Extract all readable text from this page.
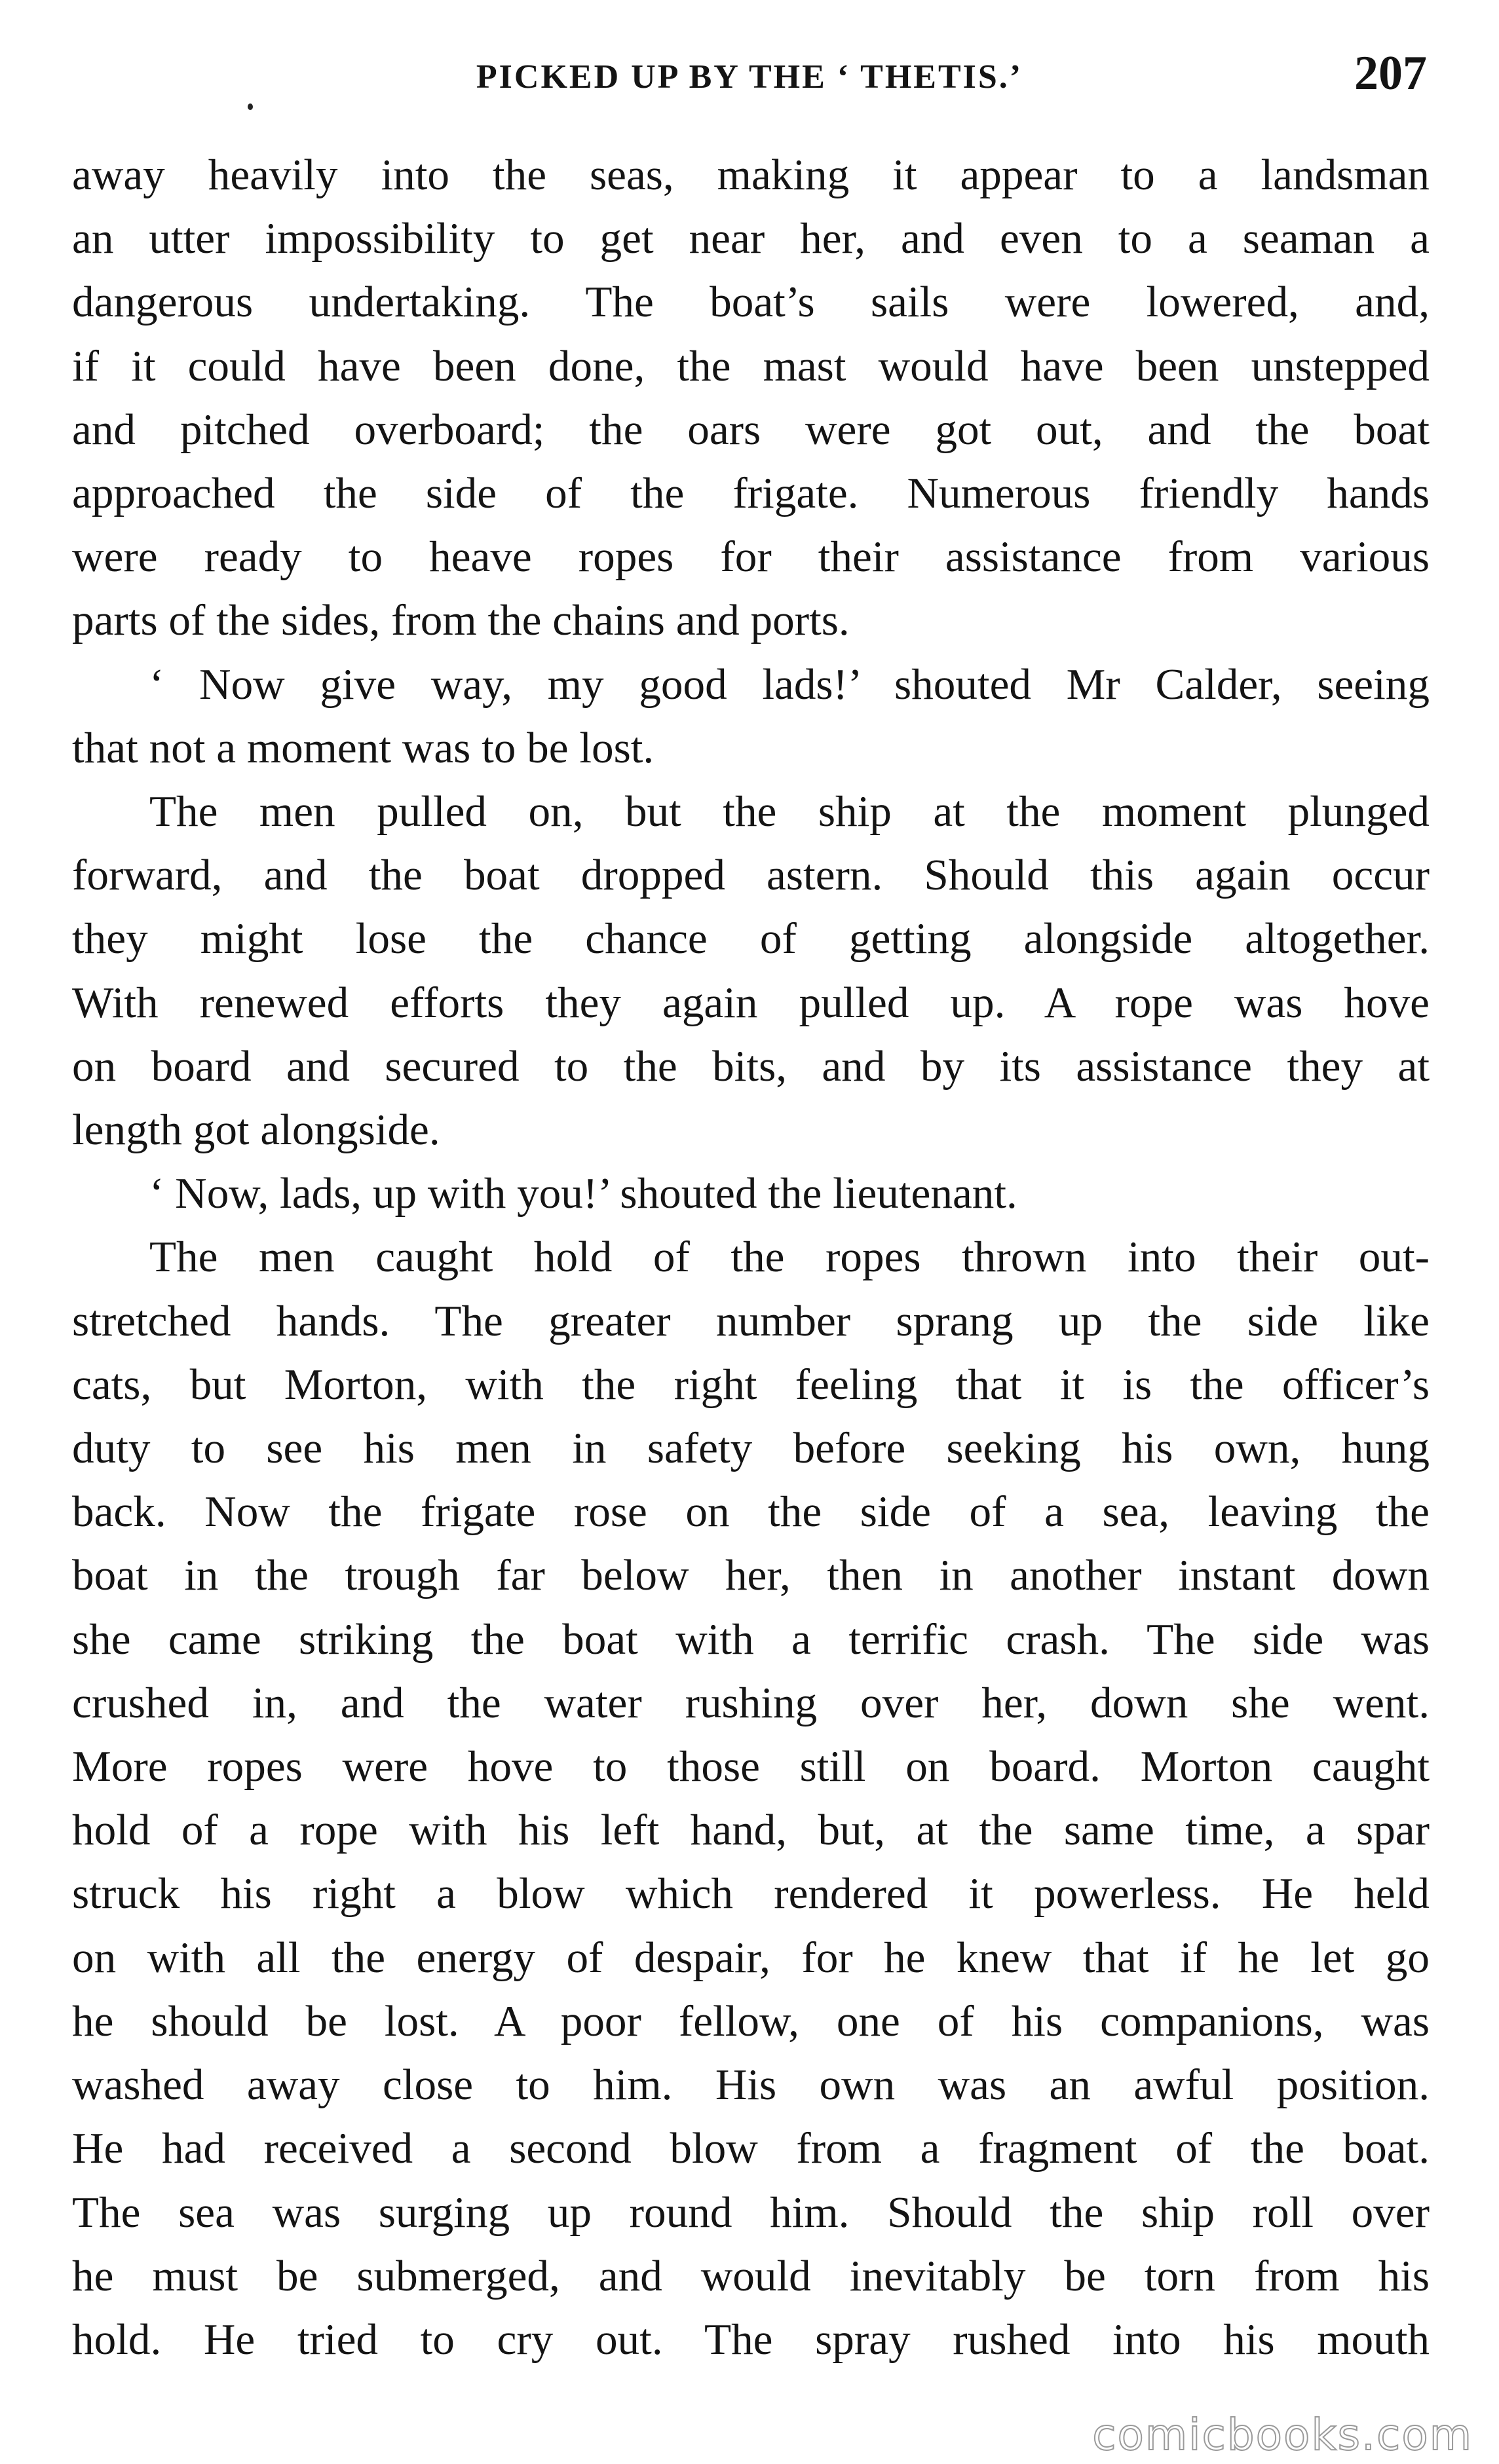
PICKED UP BY THE ‘ THETIS.’	207
away heavily into the seas, making it appear to a landsman
an utter impossibility to get near her, and even to a seaman a
dangerous undertaking. The boat’s sails were lowered, and,
if it could have been done, the mast would have been unstepped
and pitched overboard; the oars were got out, and the boat
approached the side of the frigate. Numerous friendly hands
were ready to heave ropes for their assistance from various
parts of the sides, from the chains and ports.
‘ Now give way, my good lads!’ shouted Mr Calder, seeing
that not a moment was to be lost.
The men pulled on, but the ship at the moment plunged
forward, and the boat dropped astern. Should this again occur
they might lose the chance of getting alongside altogether.
With renewed efforts they again pulled up. A rope was hove
on board and secured to the bits, and by its assistance they at
length got alongside.
‘ Now, lads, up with you!’ shouted the lieutenant.
The men caught hold of the ropes thrown into their out-
stretched hands. The greater number sprang up the side like
cats, but Morton, with the right feeling that it is the officer’s
duty to see his men in safety before seeking his own, hung
back. Now the frigate rose on the side of a sea, leaving the
boat in the trough far below her, then in another instant down
she came striking the boat with a terrific crash. The side was
crushed in, and the water rushing over her, down she went.
More ropes were hove to those still on board. Morton caught
hold of a rope with his left hand, but, at the same time, a spar
struck his right a blow which rendered it powerless. He held
on with all the energy of despair, for he knew that if he let go
he should be lost. A poor fellow, one of his companions, was
washed away close to him. His own was an awful position.
He had received a second blow from a fragment of the boat.
The sea was surging up round him. Should the ship roll over
he must be submerged, and would inevitably be torn from his
hold. He tried to cry out. The spray rushed into his mouth
comicbooks.com
